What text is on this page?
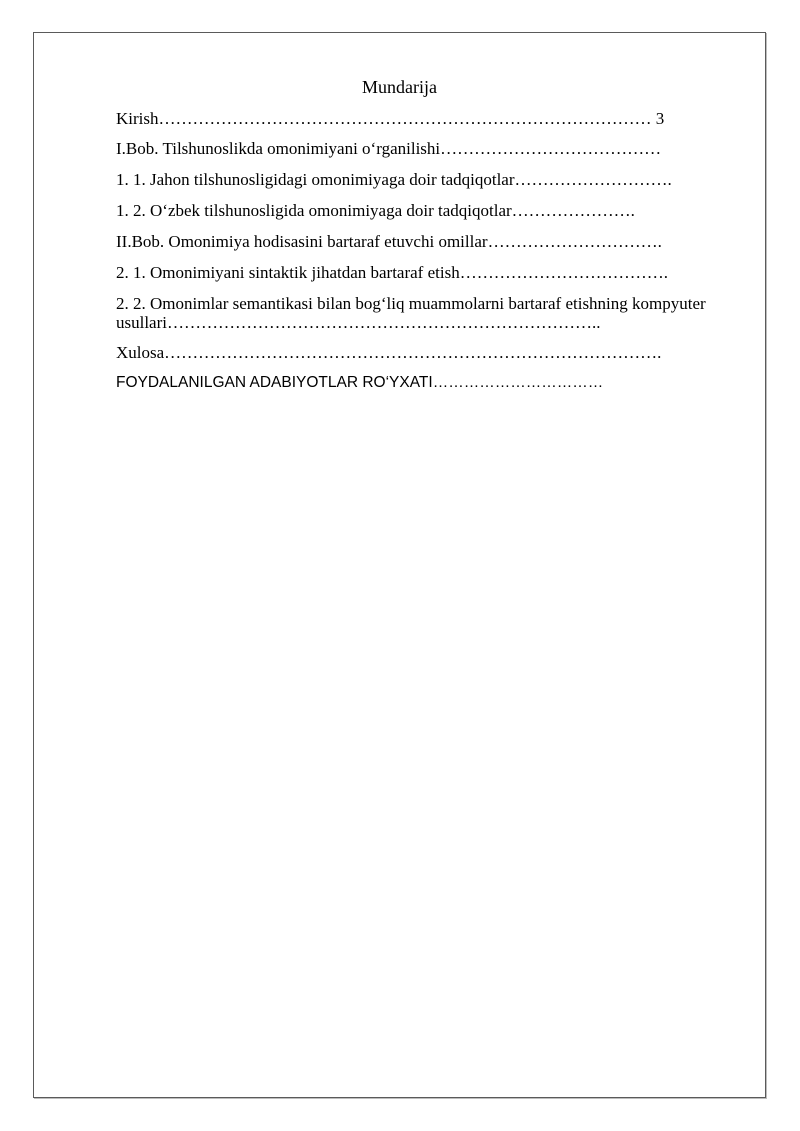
Mundarija
Kirish…………………………………………………………………………… 3
I.Bob. Tilshunoslikda omonimiyani o‘rganilishi…………………………………
1. 1. Jahon tilshunosligidagi omonimiyaga doir tadqiqotlar……………………….
1. 2. O‘zbek tilshunosligida omonimiyaga doir tadqiqotlar………………….
II.Bob. Omonimiya hodisasini bartaraf etuvchi omillar………………………….
2. 1. Omonimiyani sintaktik jihatdan bartaraf etish……………………………….
2. 2. Omonimlar semantikasi bilan bog‘liq muammolarni bartaraf etishning kompyuter usullari…………………………………………………………………..
Xulosa…………………………………………………………………………….
FOYDALANILGAN ADABIYOTLAR RO‘YXATI……………………………
